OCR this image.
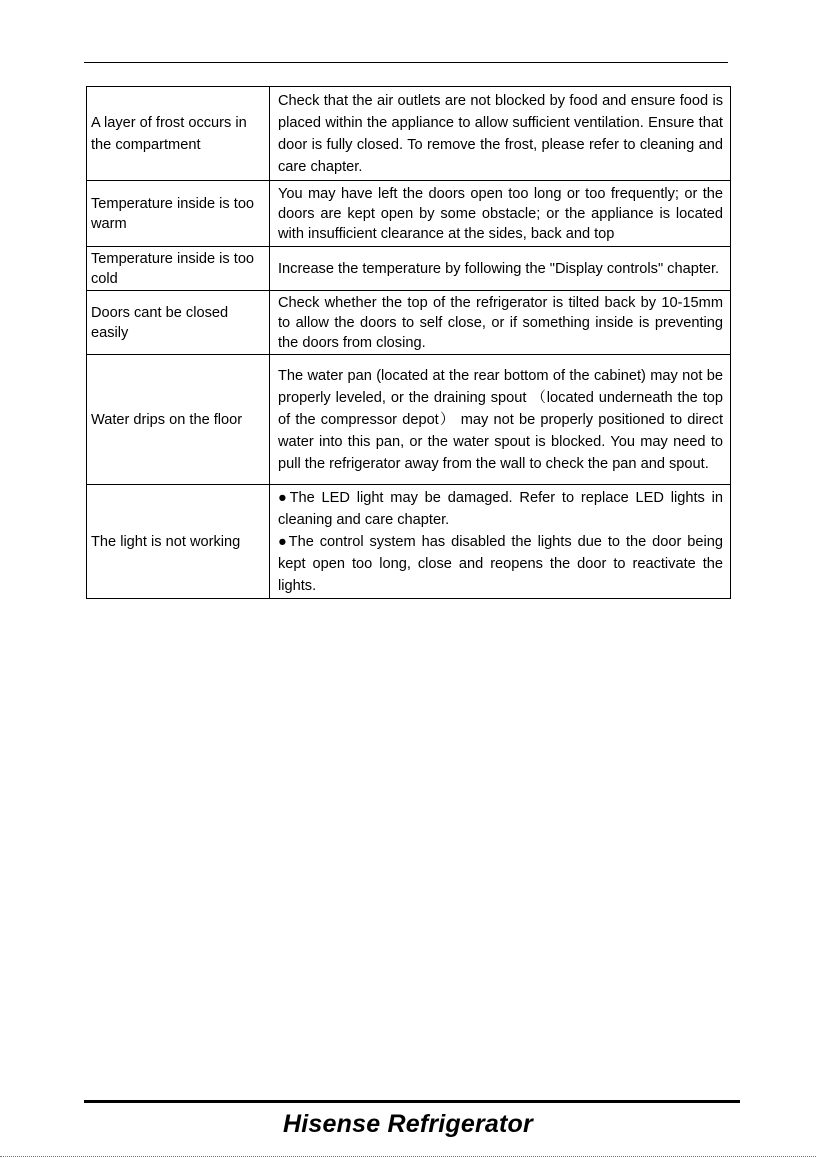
A layer of frost occurs in the compartment	Check that the air outlets are not blocked by food and ensure food is placed within the appliance to allow sufficient ventilation. Ensure that door is fully closed. To remove the frost, please refer to cleaning and care chapter.

Temperature inside is too warm	You may have left the doors open too long or too frequently; or the doors are kept open by some obstacle; or the appliance is located with insufficient clearance at the sides, back and top

Temperature inside is too cold	Increase the temperature by following the "Display controls" chapter.

Doors cant be closed easily	Check whether the top of the refrigerator is tilted back by 10-15mm to allow the doors to self close, or if something inside is preventing the doors from closing.

Water drips on the floor	The water pan (located at the rear bottom of the cabinet) may not be properly leveled, or the draining spout （located underneath the top of the compressor depot） may not be properly positioned to direct water into this pan, or the water spout is blocked. You may need to pull the refrigerator away from the wall to check the pan and spout.

The light is not working	●The LED light may be damaged. Refer to replace LED lights in cleaning and care chapter.
●The control system has disabled the lights due to the door being kept open too long, close and reopens the door to reactivate the lights.
Hisense Refrigerator
